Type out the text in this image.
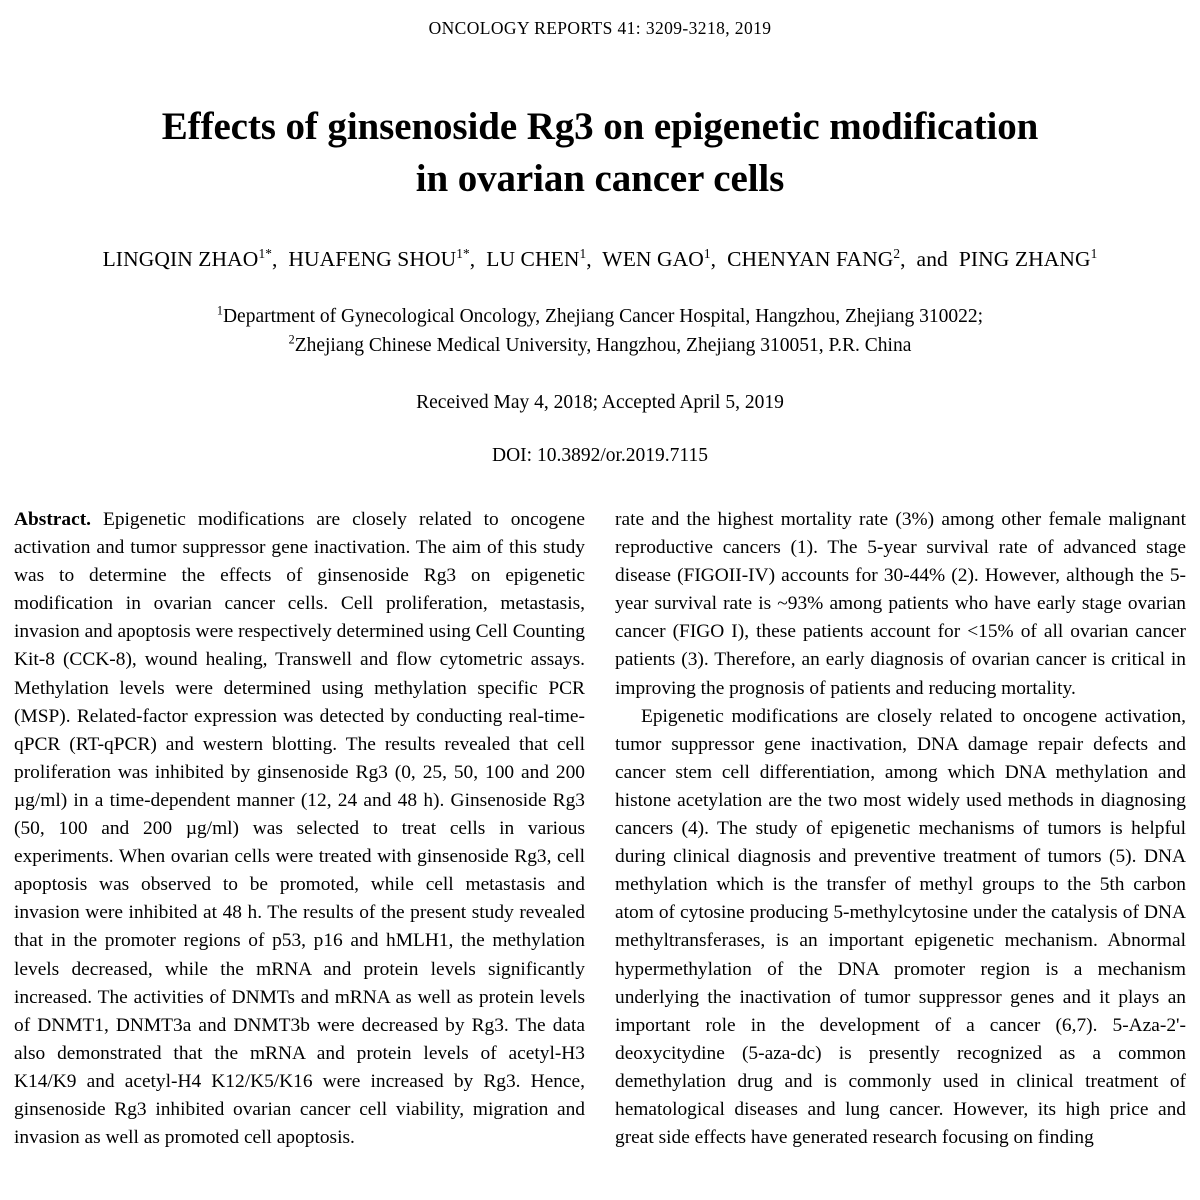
ONCOLOGY REPORTS 41: 3209-3218, 2019
Effects of ginsenoside Rg3 on epigenetic modification
in ovarian cancer cells
LINGQIN $ZHAO^{1*}$,  HUAFENG $SHOU^{1*}$,  LU CHEN$^1$,  WEN GAO$^1$,  CHENYAN FANG$^2$,  and  PING ZHANG$^1$
$^1$Department of Gynecological Oncology, Zhejiang Cancer Hospital, Hangzhou, Zhejiang 310022;
$^2$Zhejiang Chinese Medical University, Hangzhou, Zhejiang 310051, P.R. China
Received May 4, 2018; Accepted April 5, 2019
DOI: 10.3892/or.2019.7115

Abstract. Epigenetic modifications are closely related to oncogene activation and tumor suppressor gene inactivation. The aim of this study was to determine the effects of ginsenoside Rg3 on epigenetic modification in ovarian cancer cells. Cell proliferation, metastasis, invasion and apoptosis were respectively determined using Cell Counting Kit-8 (CCK-8), wound healing, Transwell and flow cytometric assays. Methylation levels were determined using methylation specific PCR (MSP). Related-factor expression was detected by conducting real-time-qPCR (RT-qPCR) and western blotting. The results revealed that cell proliferation was inhibited by ginsenoside Rg3 (0, 25, 50, 100 and 200 µg/ml) in a time-dependent manner (12, 24 and 48 h). Ginsenoside Rg3 (50, 100 and 200 µg/ml) was selected to treat cells in various experiments. When ovarian cells were treated with ginsenoside Rg3, cell apoptosis was observed to be promoted, while cell metastasis and invasion were inhibited at 48 h. The results of the present study revealed that in the promoter regions of p53, p16 and hMLH1, the methylation levels decreased, while the mRNA and protein levels significantly increased. The activities of DNMTs and mRNA as well as protein levels of DNMT1, DNMT3a and DNMT3b were decreased by Rg3. The data also demonstrated that the mRNA and protein levels of acetyl-H3 K14/K9 and acetyl-H4 K12/K5/K16 were increased by Rg3. Hence, ginsenoside Rg3 inhibited ovarian cancer cell viability, migration and invasion as well as promoted cell apoptosis.

rate and the highest mortality rate (3%) among other female malignant reproductive cancers (1). The 5-year survival rate of advanced stage disease (FIGOII-IV) accounts for 30-44% (2). However, although the 5-year survival rate is ~93% among patients who have early stage ovarian cancer (FIGO I), these patients account for <15% of all ovarian cancer patients (3). Therefore, an early diagnosis of ovarian cancer is critical in improving the prognosis of patients and reducing mortality.

Epigenetic modifications are closely related to oncogene activation, tumor suppressor gene inactivation, DNA damage repair defects and cancer stem cell differentiation, among which DNA methylation and histone acetylation are the two most widely used methods in diagnosing cancers (4). The study of epigenetic mechanisms of tumors is helpful during clinical diagnosis and preventive treatment of tumors (5). DNA methylation which is the transfer of methyl groups to the 5th carbon atom of cytosine producing 5-methylcytosine under the catalysis of DNA methyltransferases, is an important epigenetic mechanism. Abnormal hypermethylation of the DNA promoter region is a mechanism underlying the inactivation of tumor suppressor genes and it plays an important role in the development of a cancer (6,7). 5-Aza-2'-deoxycitydine (5-aza-dc) is presently recognized as a common demethylation drug and is commonly used in clinical treatment of hematological diseases and lung cancer. However, its high price and great side effects have generated research focusing on finding
